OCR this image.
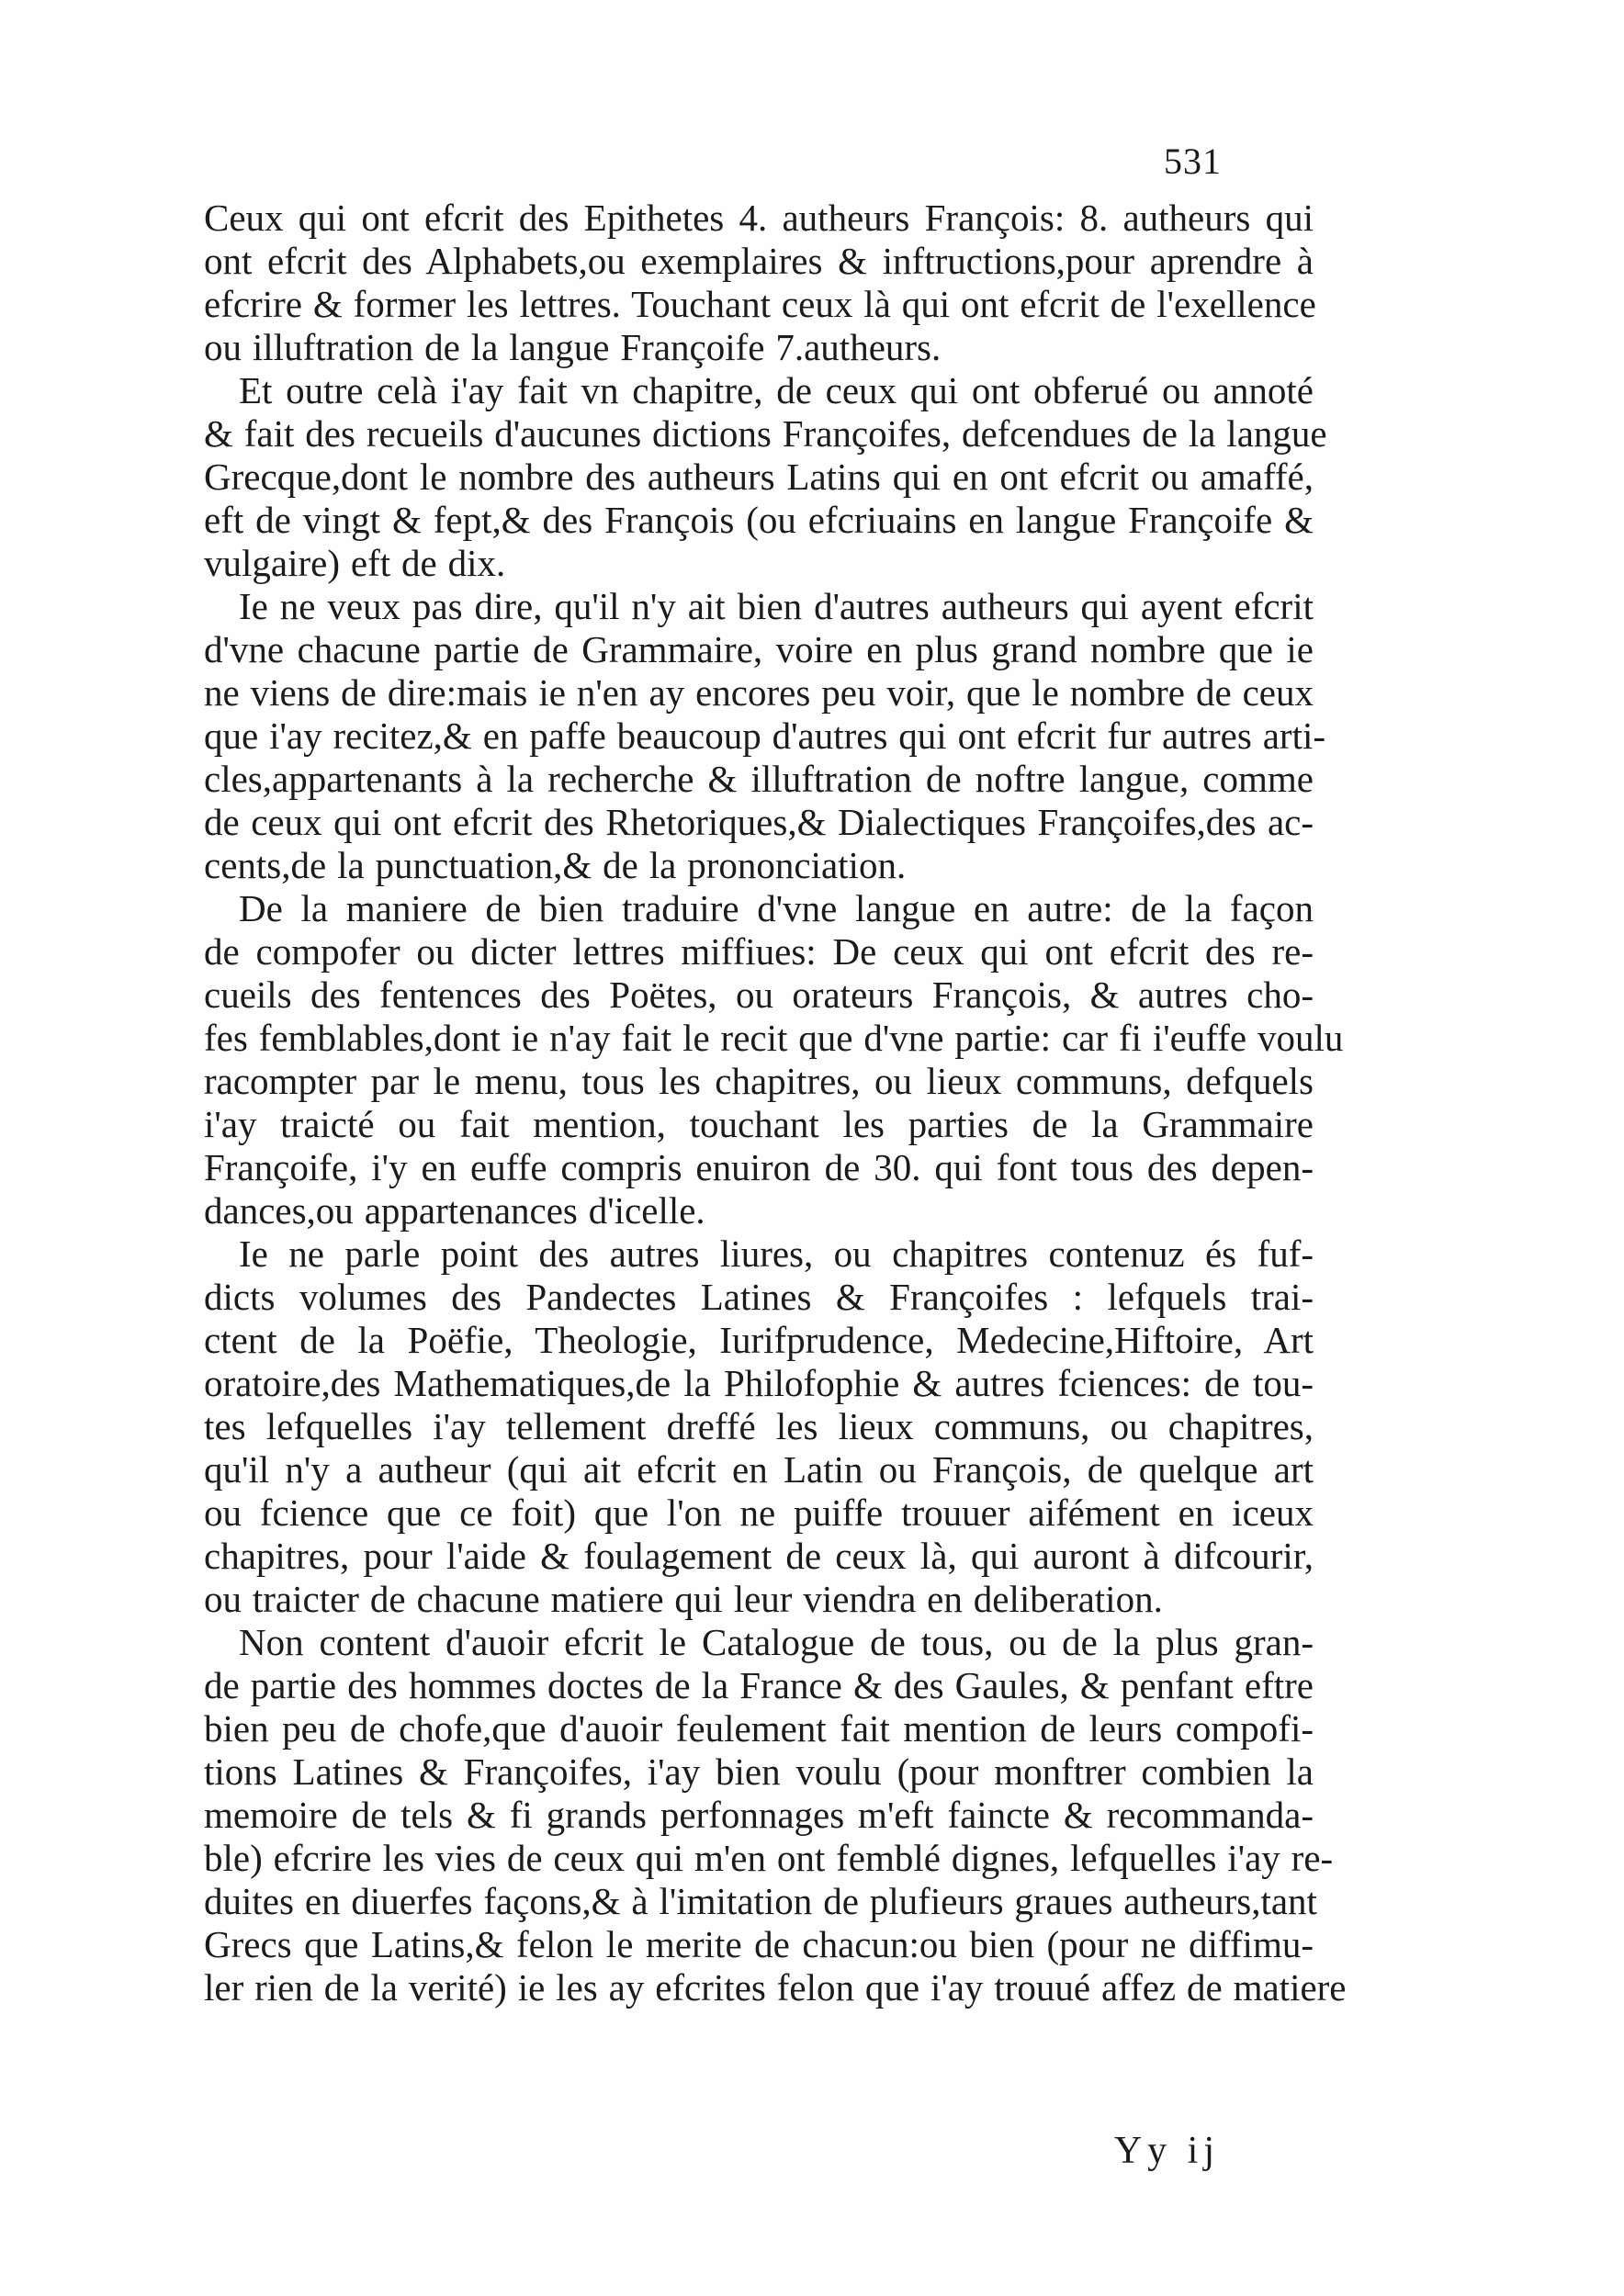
531
Ceux qui ont efcrit des Epithetes 4. autheurs François: 8. autheurs qui
ont efcrit des Alphabets,ou exemplaires & inftructions,pour aprendre à
efcrire & former les lettres. Touchant ceux là qui ont efcrit de l'exellence
ou illuftration de la langue Françoife 7.autheurs.
Et outre celà i'ay fait vn chapitre, de ceux qui ont obferué ou annoté
& fait des recueils d'aucunes dictions Françoifes, defcendues de la langue
Grecque,dont le nombre des autheurs Latins qui en ont efcrit ou amaffé,
eft de vingt & fept,& des François (ou efcriuains en langue Françoife &
vulgaire) eft de dix.
Ie ne veux pas dire, qu'il n'y ait bien d'autres autheurs qui ayent efcrit
d'vne chacune partie de Grammaire, voire en plus grand nombre que ie
ne viens de dire:mais ie n'en ay encores peu voir, que le nombre de ceux
que i'ay recitez,& en paffe beaucoup d'autres qui ont efcrit fur autres arti-
cles,appartenants à la recherche & illuftration de noftre langue, comme
de ceux qui ont efcrit des Rhetoriques,& Dialectiques Françoifes,des ac-
cents,de la punctuation,& de la prononciation.
De la maniere de bien traduire d'vne langue en autre: de la façon
de compofer ou dicter lettres miffiues: De ceux qui ont efcrit des re-
cueils des fentences des Poëtes, ou orateurs François, & autres cho-
fes femblables,dont ie n'ay fait le recit que d'vne partie: car fi i'euffe voulu
racompter par le menu, tous les chapitres, ou lieux communs, defquels
i'ay traicté ou fait mention, touchant les parties de la Grammaire
Françoife, i'y en euffe compris enuiron de 30. qui font tous des depen-
dances,ou appartenances d'icelle.
Ie ne parle point des autres liures, ou chapitres contenuz és fuf-
dicts volumes des Pandectes Latines & Françoifes : lefquels trai-
ctent de la Poëfie, Theologie, Iurifprudence, Medecine,Hiftoire, Art
oratoire,des Mathematiques,de la Philofophie & autres fciences: de tou-
tes lefquelles i'ay tellement dreffé les lieux communs, ou chapitres,
qu'il n'y a autheur (qui ait efcrit en Latin ou François, de quelque art
ou fcience que ce foit) que l'on ne puiffe trouuer aifément en iceux
chapitres, pour l'aide & foulagement de ceux là, qui auront à difcourir,
ou traicter de chacune matiere qui leur viendra en deliberation.
Non content d'auoir efcrit le Catalogue de tous, ou de la plus gran-
de partie des hommes doctes de la France & des Gaules, & penfant eftre
bien peu de chofe,que d'auoir feulement fait mention de leurs compofi-
tions Latines & Françoifes, i'ay bien voulu (pour monftrer combien la
memoire de tels & fi grands perfonnages m'eft faincte & recommanda-
ble) efcrire les vies de ceux qui m'en ont femblé dignes, lefquelles i'ay re-
duites en diuerfes façons,& à l'imitation de plufieurs graues autheurs,tant
Grecs que Latins,& felon le merite de chacun:ou bien (pour ne diffimu-
ler rien de la verité) ie les ay efcrites felon que i'ay trouué affez de matiere
Yy ij
